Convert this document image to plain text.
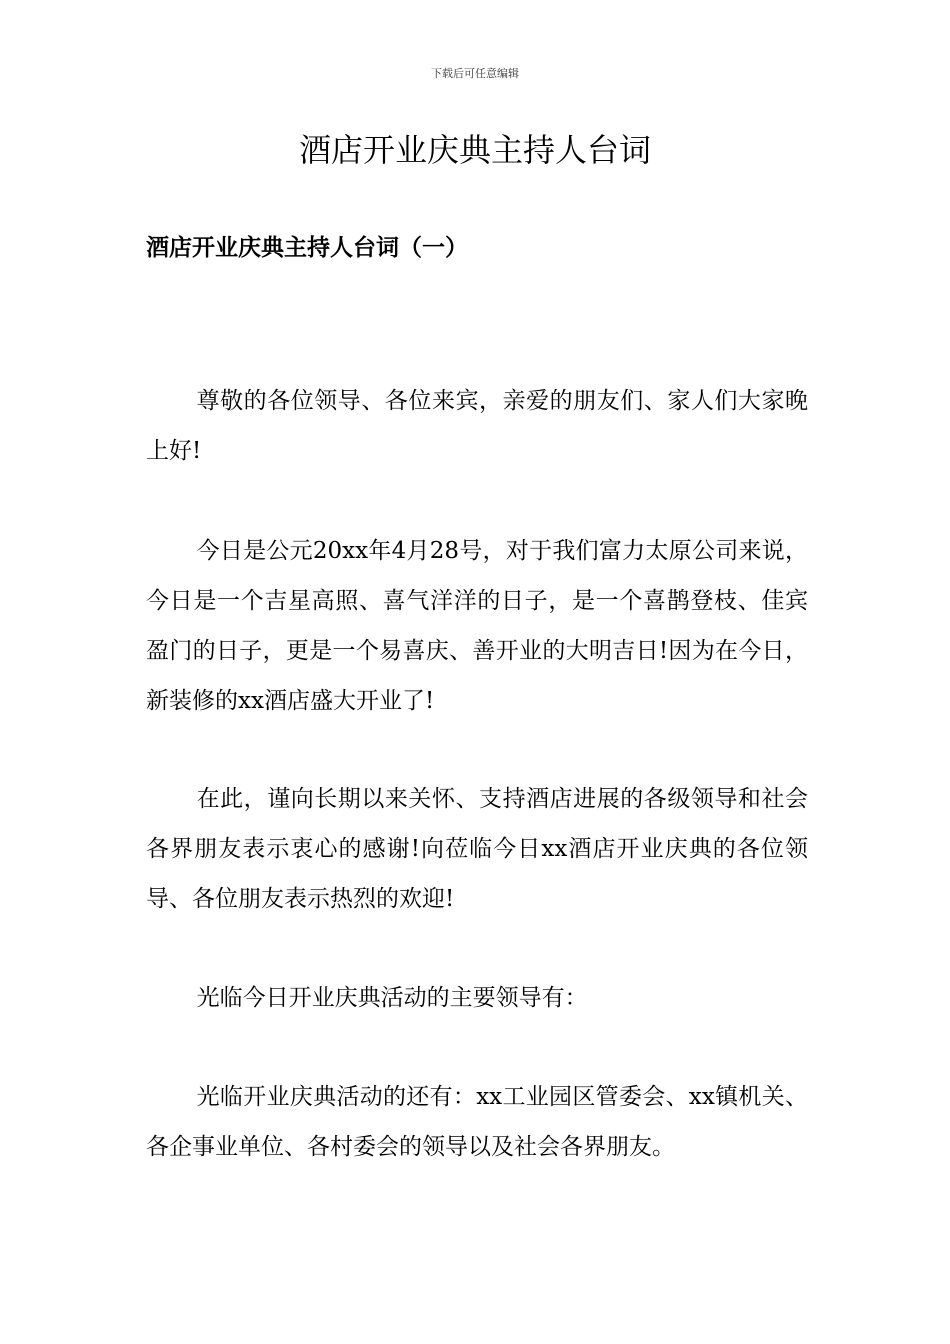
下载后可任意编辑
酒店开业庆典主持人台词
酒店开业庆典主持人台词（一）

尊敬的各位领导、各位来宾，亲爱的朋友们、家人们大家晚上好!

今日是公元20xx年4月28号，对于我们富力太原公司来说，今日是一个吉星高照、喜气洋洋的日子，是一个喜鹊登枝、佳宾盈门的日子，更是一个易喜庆、善开业的大明吉日!因为在今日，新装修的xx酒店盛大开业了!

在此，谨向长期以来关怀、支持酒店进展的各级领导和社会各界朋友表示衷心的感谢!向莅临今日xx酒店开业庆典的各位领导、各位朋友表示热烈的欢迎!

光临今日开业庆典活动的主要领导有：

光临开业庆典活动的还有：xx工业园区管委会、xx镇机关、各企事业单位、各村委会的领导以及社会各界朋友。
